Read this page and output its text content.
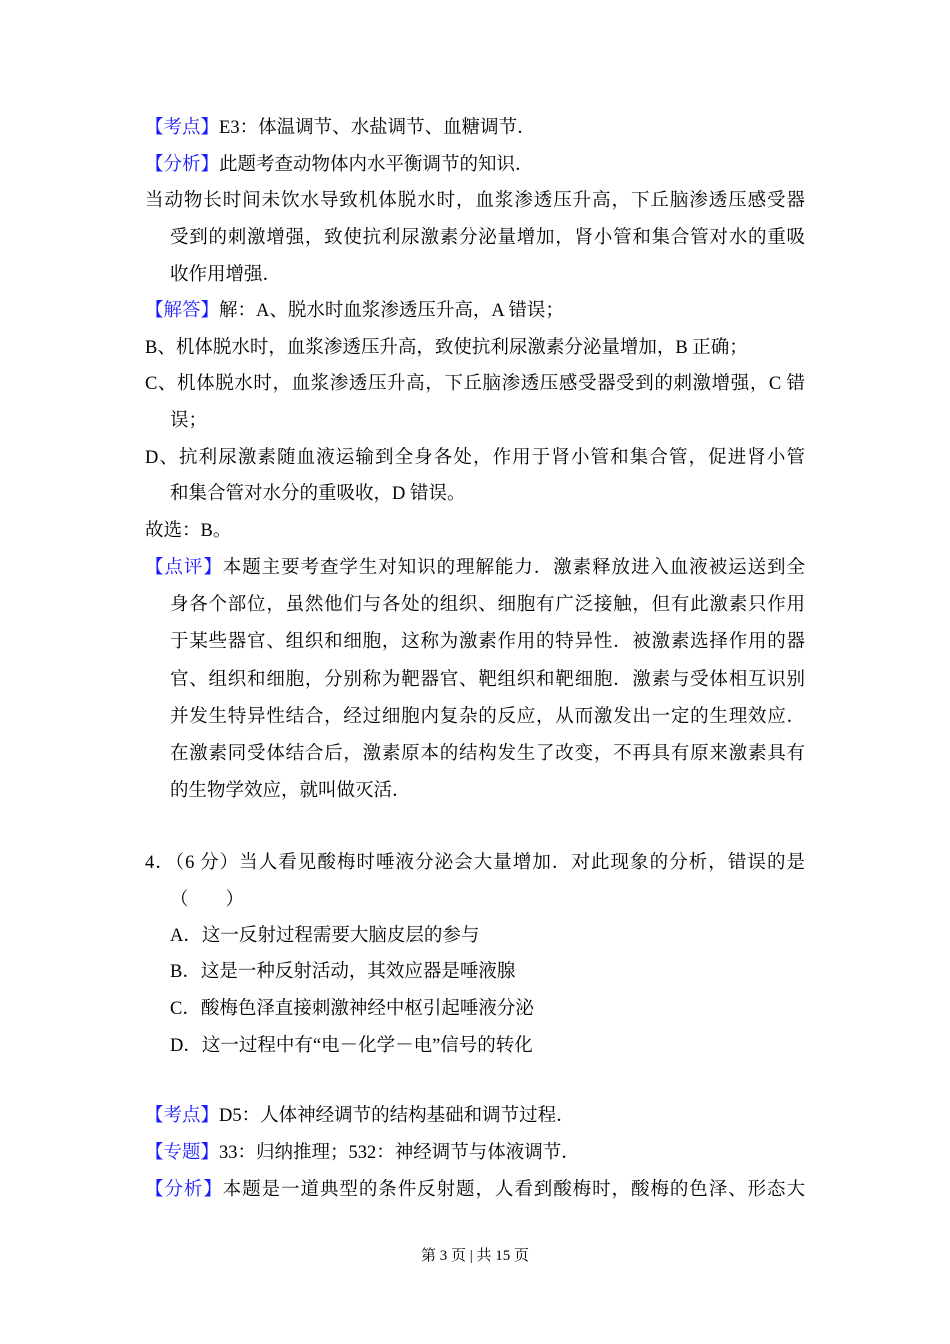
【考点】E3：体温调节、水盐调节、血糖调节．
【分析】此题考查动物体内水平衡调节的知识．
当动物长时间未饮水导致机体脱水时，血浆渗透压升高，下丘脑渗透压感受器
受到的刺激增强，致使抗利尿激素分泌量增加，肾小管和集合管对水的重吸
收作用增强．
【解答】解：A、脱水时血浆渗透压升高，A 错误；
B、机体脱水时，血浆渗透压升高，致使抗利尿激素分泌量增加，B 正确；
C、机体脱水时，血浆渗透压升高，下丘脑渗透压感受器受到的刺激增强，C 错
误；
D、抗利尿激素随血液运输到全身各处，作用于肾小管和集合管，促进肾小管
和集合管对水分的重吸收，D 错误。
故选：B。
【点评】本题主要考查学生对知识的理解能力．激素释放进入血液被运送到全
身各个部位，虽然他们与各处的组织、细胞有广泛接触，但有此激素只作用
于某些器官、组织和细胞，这称为激素作用的特异性．被激素选择作用的器
官、组织和细胞，分别称为靶器官、靶组织和靶细胞．激素与受体相互识别
并发生特异性结合，经过细胞内复杂的反应，从而激发出一定的生理效应．
在激素同受体结合后，激素原本的结构发生了改变，不再具有原来激素具有
的生物学效应，就叫做灭活．
4．（6 分）当人看见酸梅时唾液分泌会大量增加．对此现象的分析，错误的是
（　　）
A．这一反射过程需要大脑皮层的参与
B．这是一种反射活动，其效应器是唾液腺
C．酸梅色泽直接刺激神经中枢引起唾液分泌
D．这一过程中有“电－化学－电”信号的转化
【考点】D5：人体神经调节的结构基础和调节过程．
【专题】33：归纳推理；532：神经调节与体液调节．
【分析】本题是一道典型的条件反射题，人看到酸梅时，酸梅的色泽、形态大
第 3 页 | 共 15 页
